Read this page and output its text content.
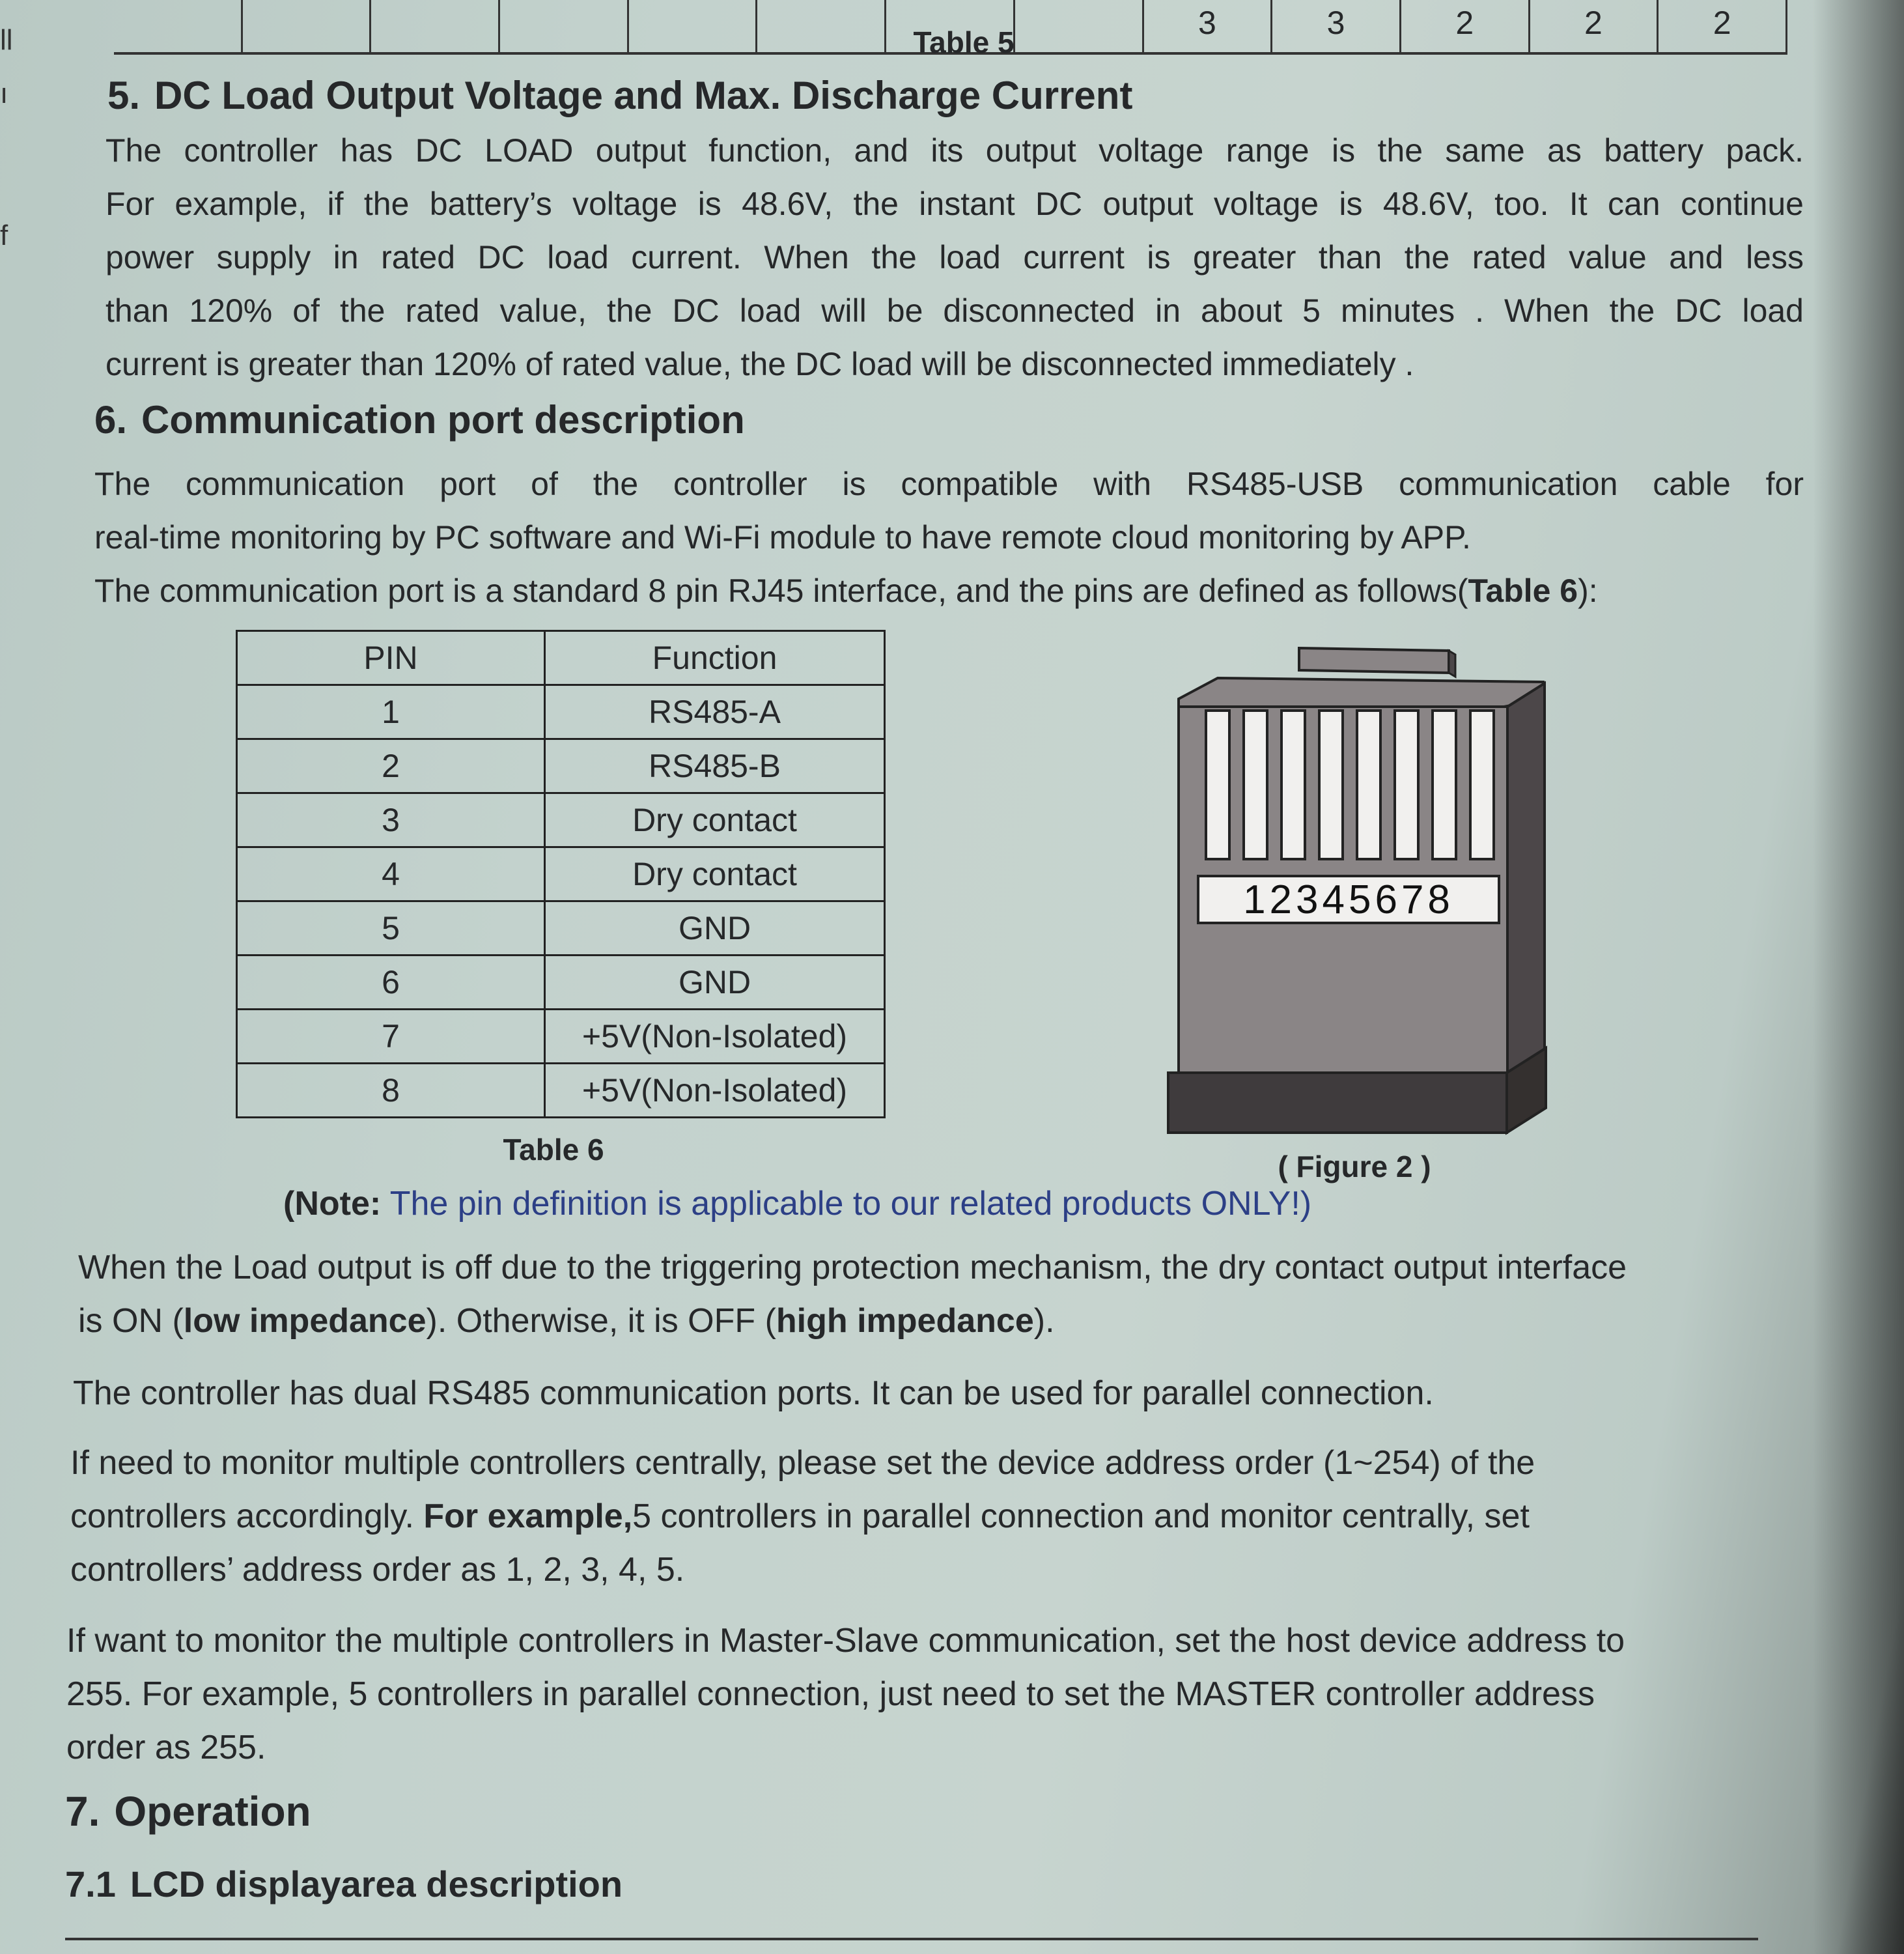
ll
ı
f
3	3	2	2	2
Table 5
5. DC Load Output Voltage and Max. Discharge Current
The controller has DC LOAD output function, and its output voltage range is the same as battery pack.
For example, if the battery’s voltage is 48.6V, the instant DC output voltage is 48.6V, too. It can continue
power supply in rated DC load current. When the load current is greater than the rated value and less
than 120% of the rated value, the DC load will be disconnected in about 5 minutes . When the DC load
current is greater than 120% of rated value, the DC load will be disconnected immediately .
6. Communication port description
The communication port of the controller is compatible with RS485-USB communication cable for
real-time monitoring by PC software and Wi-Fi module to have remote cloud monitoring by APP.
The communication port is a standard 8 pin RJ45 interface, and the pins are defined as follows(Table 6):
PIN	Function
1	RS485-A
2	RS485-B
3	Dry contact
4	Dry contact
5	GND
6	GND
7	+5V(Non-Isolated)
8	+5V(Non-Isolated)
Table 6
12345678
( Figure 2 )
(Note: The pin definition is applicable to our related products ONLY!)
When the Load output is off due to the triggering protection mechanism, the dry contact output interface
is ON (low impedance). Otherwise, it is OFF (high impedance).
The controller has dual RS485 communication ports. It can be used for parallel connection.
If need to monitor multiple controllers centrally, please set the device address order (1~254) of the
controllers accordingly. For example,5 controllers in parallel connection and monitor centrally, set
controllers’ address order as 1, 2, 3, 4, 5.
If want to monitor the multiple controllers in Master-Slave communication, set the host device address to
255. For example, 5 controllers in parallel connection, just need to set the MASTER controller address
order as 255.
7. Operation
7.1 LCD displayarea description
